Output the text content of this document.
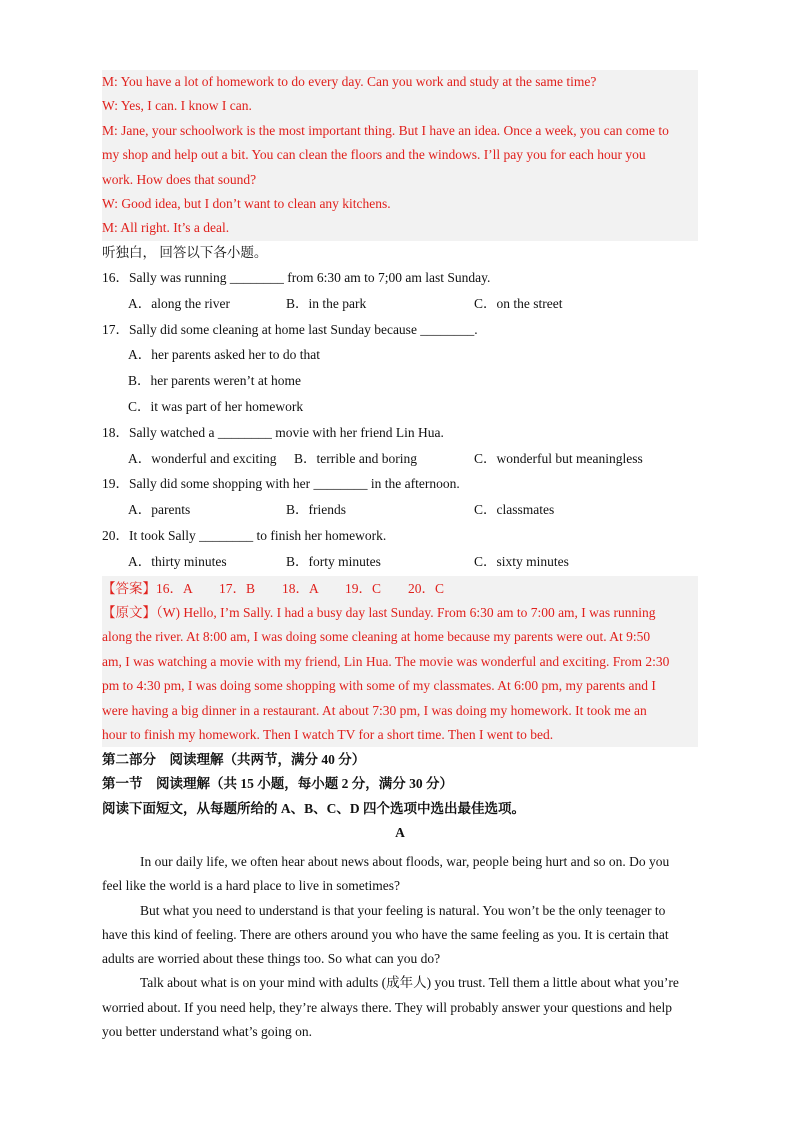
M: You have a lot of homework to do every day. Can you work and study at the same time?
W: Yes, I can. I know I can.
M: Jane, your schoolwork is the most important thing. But I have an idea. Once a week, you can come to
my shop and help out a bit. You can clean the floors and the windows. I’ll pay you for each hour you
work. How does that sound?
W: Good idea, but I don’t want to clean any kitchens.
M: All right. It’s a deal.
听独白， 回答以下各小题。
16．Sally was running ________ from 6:30 am to 7;00 am last Sunday.
A．along the river	B．in the park	C．on the street
17．Sally did some cleaning at home last Sunday because ________.
A．her parents asked her to do that
B．her parents weren’t at home
C．it was part of her homework
18．Sally watched a ________ movie with her friend Lin Hua.
A．wonderful and exciting B．terrible and boring	C．wonderful but meaningless
19．Sally did some shopping with her ________ in the afternoon.
A．parents	B．friends	C．classmates
20．It took Sally ________ to finish her homework.
A．thirty minutes	B．forty minutes	C．sixty minutes
【答案】16．A　　17．B　　18．A　　19．C　　20．C
【原文】（W) Hello, I’m Sally. I had a busy day last Sunday. From 6:30 am to 7:00 am, I was running
along the river. At 8:00 am, I was doing some cleaning at home because my parents were out. At 9:50
am, I was watching a movie with my friend, Lin Hua. The movie was wonderful and exciting. From 2:30
pm to 4:30 pm, I was doing some shopping with some of my classmates. At 6:00 pm, my parents and I
were having a big dinner in a restaurant. At about 7:30 pm, I was doing my homework. It took me an
hour to finish my homework. Then I watch TV for a short time. Then I went to bed.
第二部分　阅读理解（共两节，满分 40 分）
第一节　阅读理解（共 15 小题，每小题 2 分，满分 30 分）
阅读下面短文，从每题所给的 A、B、C、D 四个选项中选出最佳选项。
A
In our daily life, we often hear about news about floods, war, people being hurt and so on. Do you
feel like the world is a hard place to live in sometimes?
But what you need to understand is that your feeling is natural. You won’t be the only teenager to
have this kind of feeling. There are others around you who have the same feeling as you. It is certain that
adults are worried about these things too. So what can you do?
Talk about what is on your mind with adults (成年人) you trust. Tell them a little about what you’re
worried about. If you need help, they’re always there. They will probably answer your questions and help
you better understand what’s going on.
